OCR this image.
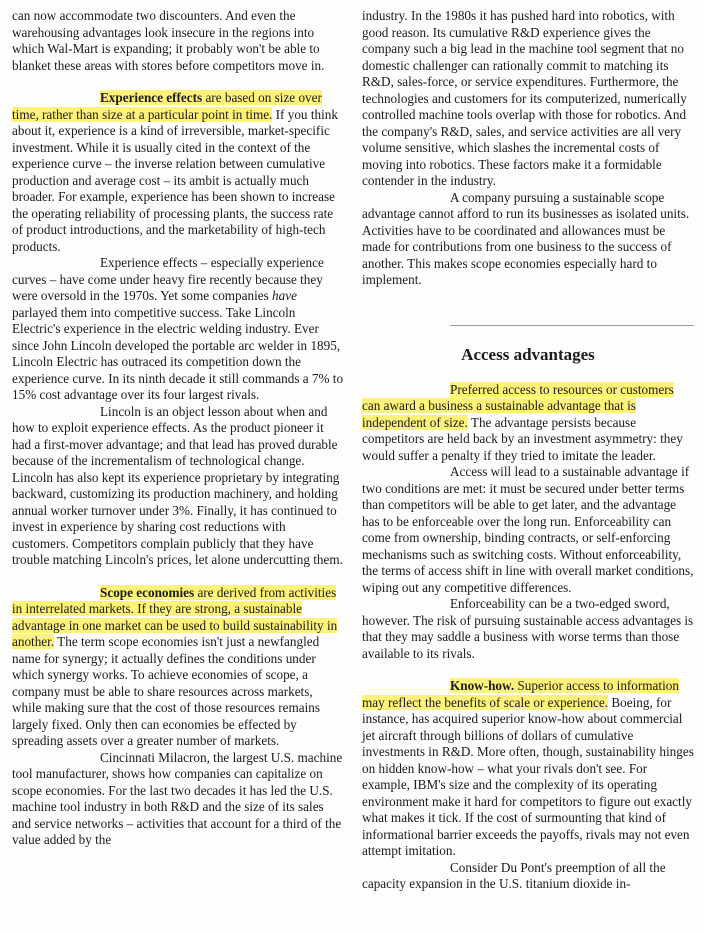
can now accommodate two discounters. And even the warehousing advantages look insecure in the regions into which Wal-Mart is expanding; it probably won't be able to blanket these areas with stores before competitors move in.

Experience effects are based on size over time, rather than size at a particular point in time. If you think about it, experience is a kind of irreversible, market-specific investment. While it is usually cited in the context of the experience curve – the inverse relation between cumulative production and average cost – its ambit is actually much broader. For example, experience has been shown to increase the operating reliability of processing plants, the success rate of product introductions, and the marketability of high-tech products.

Experience effects – especially experience curves – have come under heavy fire recently because they were oversold in the 1970s. Yet some companies have parlayed them into competitive success. Take Lincoln Electric's experience in the electric welding industry. Ever since John Lincoln developed the portable arc welder in 1895, Lincoln Electric has outraced its competition down the experience curve. In its ninth decade it still commands a 7% to 15% cost advantage over its four largest rivals.

Lincoln is an object lesson about when and how to exploit experience effects. As the product pioneer it had a first-mover advantage; and that lead has proved durable because of the incrementalism of technological change. Lincoln has also kept its experience proprietary by integrating backward, customizing its production machinery, and holding annual worker turnover under 3%. Finally, it has continued to invest in experience by sharing cost reductions with customers. Competitors complain publicly that they have trouble matching Lincoln's prices, let alone undercutting them.

Scope economies are derived from activities in interrelated markets. If they are strong, a sustainable advantage in one market can be used to build sustainability in another. The term scope economies isn't just a newfangled name for synergy; it actually defines the conditions under which synergy works. To achieve economies of scope, a company must be able to share resources across markets, while making sure that the cost of those resources remains largely fixed. Only then can economies be effected by spreading assets over a greater number of markets.

Cincinnati Milacron, the largest U.S. machine tool manufacturer, shows how companies can capitalize on scope economies. For the last two decades it has led the U.S. machine tool industry in both R&D and the size of its sales and service networks – activities that account for a third of the value added by the

industry. In the 1980s it has pushed hard into robotics, with good reason. Its cumulative R&D experience gives the company such a big lead in the machine tool segment that no domestic challenger can rationally commit to matching its R&D, sales-force, or service expenditures. Furthermore, the technologies and customers for its computerized, numerically controlled machine tools overlap with those for robotics. And the company's R&D, sales, and service activities are all very volume sensitive, which slashes the incremental costs of moving into robotics. These factors make it a formidable contender in the industry.

A company pursuing a sustainable scope advantage cannot afford to run its businesses as isolated units. Activities have to be coordinated and allowances must be made for contributions from one business to the success of another. This makes scope economies especially hard to implement.

Access advantages

Preferred access to resources or customers can award a business a sustainable advantage that is independent of size. The advantage persists because competitors are held back by an investment asymmetry: they would suffer a penalty if they tried to imitate the leader.

Access will lead to a sustainable advantage if two conditions are met: it must be secured under better terms than competitors will be able to get later, and the advantage has to be enforceable over the long run. Enforceability can come from ownership, binding contracts, or self-enforcing mechanisms such as switching costs. Without enforceability, the terms of access shift in line with overall market conditions, wiping out any competitive differences.

Enforceability can be a two-edged sword, however. The risk of pursuing sustainable access advantages is that they may saddle a business with worse terms than those available to its rivals.

Know-how. Superior access to information may reflect the benefits of scale or experience. Boeing, for instance, has acquired superior know-how about commercial jet aircraft through billions of dollars of cumulative investments in R&D. More often, though, sustainability hinges on hidden know-how – what your rivals don't see. For example, IBM's size and the complexity of its operating environment make it hard for competitors to figure out exactly what makes it tick. If the cost of surmounting that kind of informational barrier exceeds the payoffs, rivals may not even attempt imitation.

Consider Du Pont's preemption of all the capacity expansion in the U.S. titanium dioxide in-
